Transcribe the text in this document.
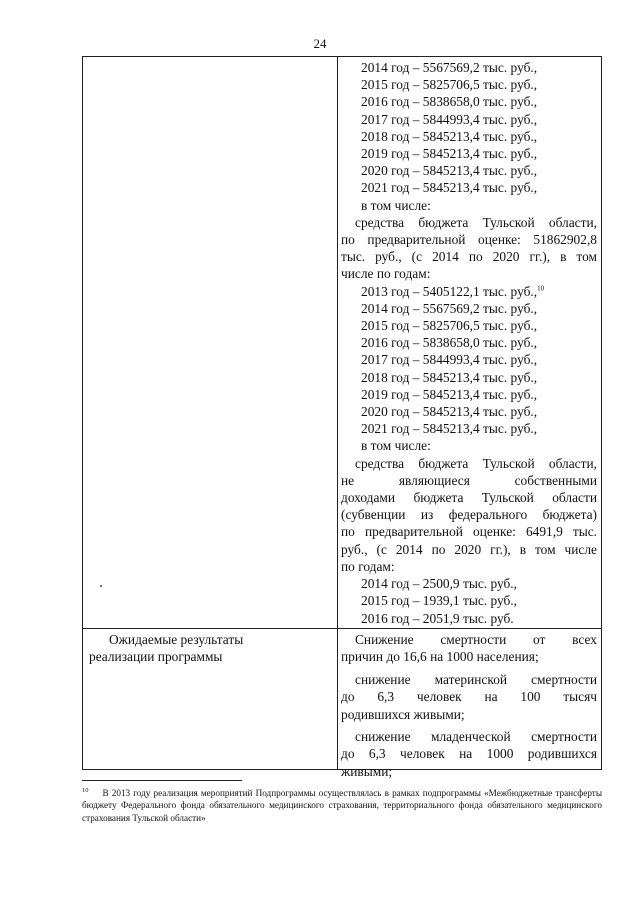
24
2014 год – 5567569,2 тыс. руб.,
2015 год – 5825706,5 тыс. руб.,
2016 год – 5838658,0 тыс. руб.,
2017 год – 5844993,4 тыс. руб.,
2018 год – 5845213,4 тыс. руб.,
2019 год – 5845213,4 тыс. руб.,
2020 год – 5845213,4 тыс. руб.,
2021 год – 5845213,4 тыс. руб.,
в том числе:
средства бюджета Тульской области,
по предварительной оценке: 51862902,8
тыс. руб., (с 2014 по 2020 гг.), в том
числе по годам:
2013 год – 5405122,1 тыс. руб.,$^{10}$
2014 год – 5567569,2 тыс. руб.,
2015 год – 5825706,5 тыс. руб.,
2016 год – 5838658,0 тыс. руб.,
2017 год – 5844993,4 тыс. руб.,
2018 год – 5845213,4 тыс. руб.,
2019 год – 5845213,4 тыс. руб.,
2020 год – 5845213,4 тыс. руб.,
2021 год – 5845213,4 тыс. руб.,
в том числе:
средства бюджета Тульской области,
не являющиеся собственными
доходами бюджета Тульской области
(субвенции из федерального бюджета)
по предварительной оценке: 6491,9 тыс.
руб., (с 2014 по 2020 гг.), в том числе
по годам:
2014 год – 2500,9 тыс. руб.,
2015 год – 1939,1 тыс. руб.,
2016 год – 2051,9 тыс. руб.
Ожидаемые результаты
реализации программы
Снижение смертности от всех
причин до 16,6 на 1000 населения;
снижение материнской смертности
до 6,3 человек на 100 тысяч
родившихся живыми;
снижение младенческой смертности
до 6,3 человек на 1000 родившихся
живыми;
$^{10}$ В 2013 году реализация мероприятий Подпрограммы осуществлялась в рамках подпрограммы «Межбюджетные трансферты бюджету Федерального фонда обязательного медицинского страхования, территориального фонда обязательного медицинского страхования Тульской области»
